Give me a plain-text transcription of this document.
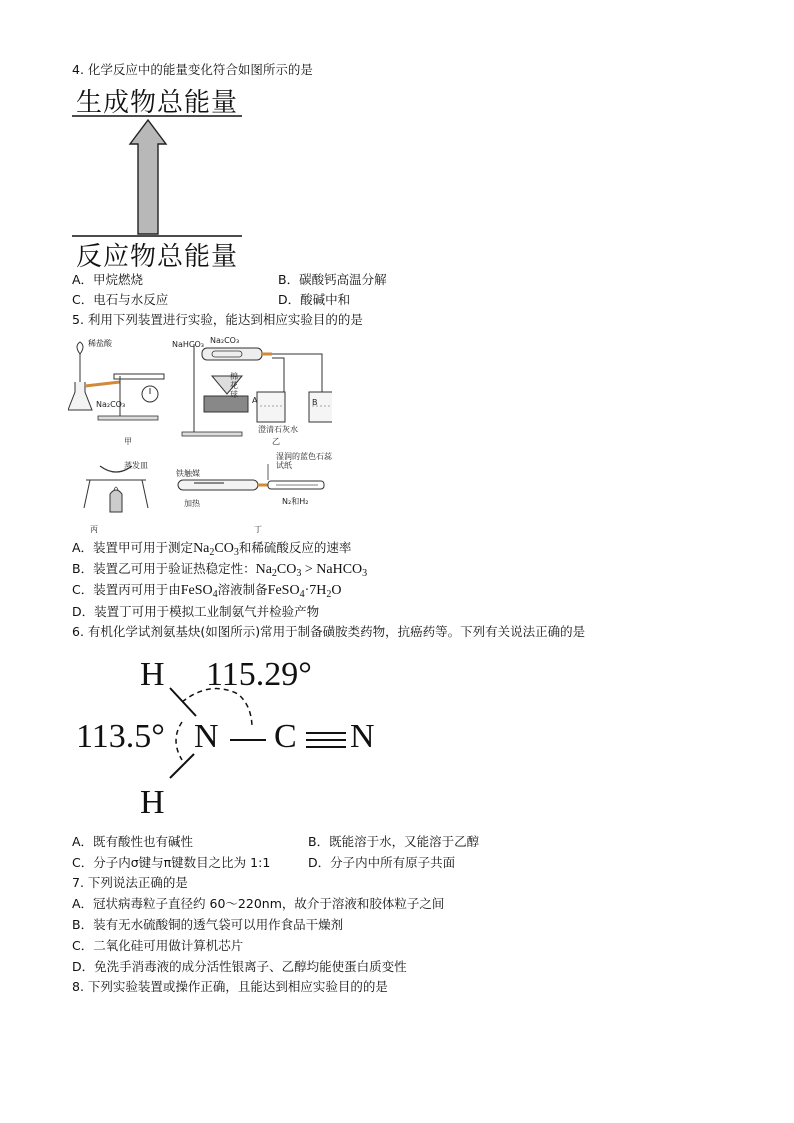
4. 化学反应中的能量变化符合如图所示的是
生成物总能量
反应物总能量
A．甲烷燃烧	B．碳酸钙高温分解
C．电石与水反应	D．酸碱中和
5. 利用下列装置进行实验，能达到相应实验目的的是
稀盐酸
Na₂CO₃
甲
NaHCO₃ Na₂CO₃
棉花球
A	B
澄清石灰水
乙
蒸发皿
丙
铁触媒
加热
湿润的蓝色石蕊试纸
N₂和H₂
丁
A．装置甲可用于测定$Na_2CO_3$和稀硫酸反应的速率
B．装置乙可用于验证热稳定性：$Na_2CO_3$ > NaHCO$_3$
C．装置丙可用于由FeSO$_4$溶液制备$FeSO_4\cdot 7H_2O$
D．装置丁可用于模拟工业制氨气并检验产物
6. 有机化学试剂氨基炔(如图所示)常用于制备磺胺类药物，抗癌药等。下列有关说法正确的是
H 115.29°
113.5° N C N
H
A．既有酸性也有碱性	B．既能溶于水，又能溶于乙醇
C．分子内σ键与π键数目之比为 1:1	D．分子内中所有原子共面
7. 下列说法正确的是
A．冠状病毒粒子直径约 60～220nm，故介于溶液和胶体粒子之间
B．装有无水硫酸铜的透气袋可以用作食品干燥剂
C．二氧化硅可用做计算机芯片
D．免洗手消毒液的成分活性银离子、乙醇均能使蛋白质变性
8. 下列实验装置或操作正确，且能达到相应实验目的的是
